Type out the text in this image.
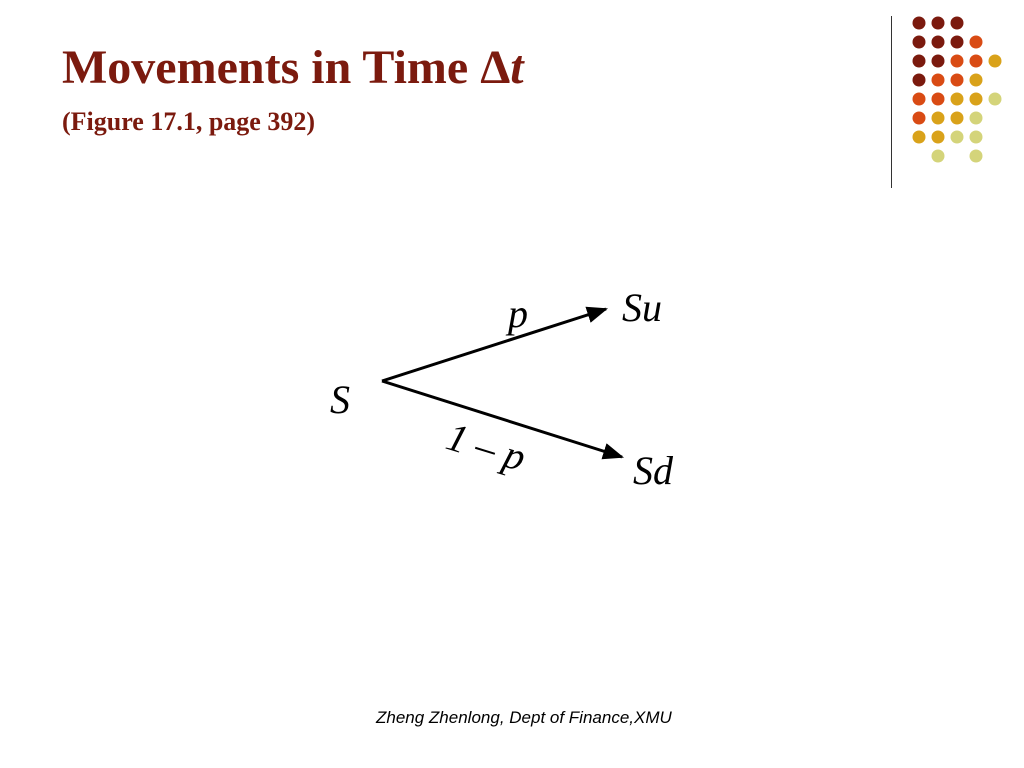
Movements in Time Δt
(Figure 17.1, page 392)
S
Su
Sd
p
1 – p
Zheng Zhenlong, Dept of Finance,XMU
